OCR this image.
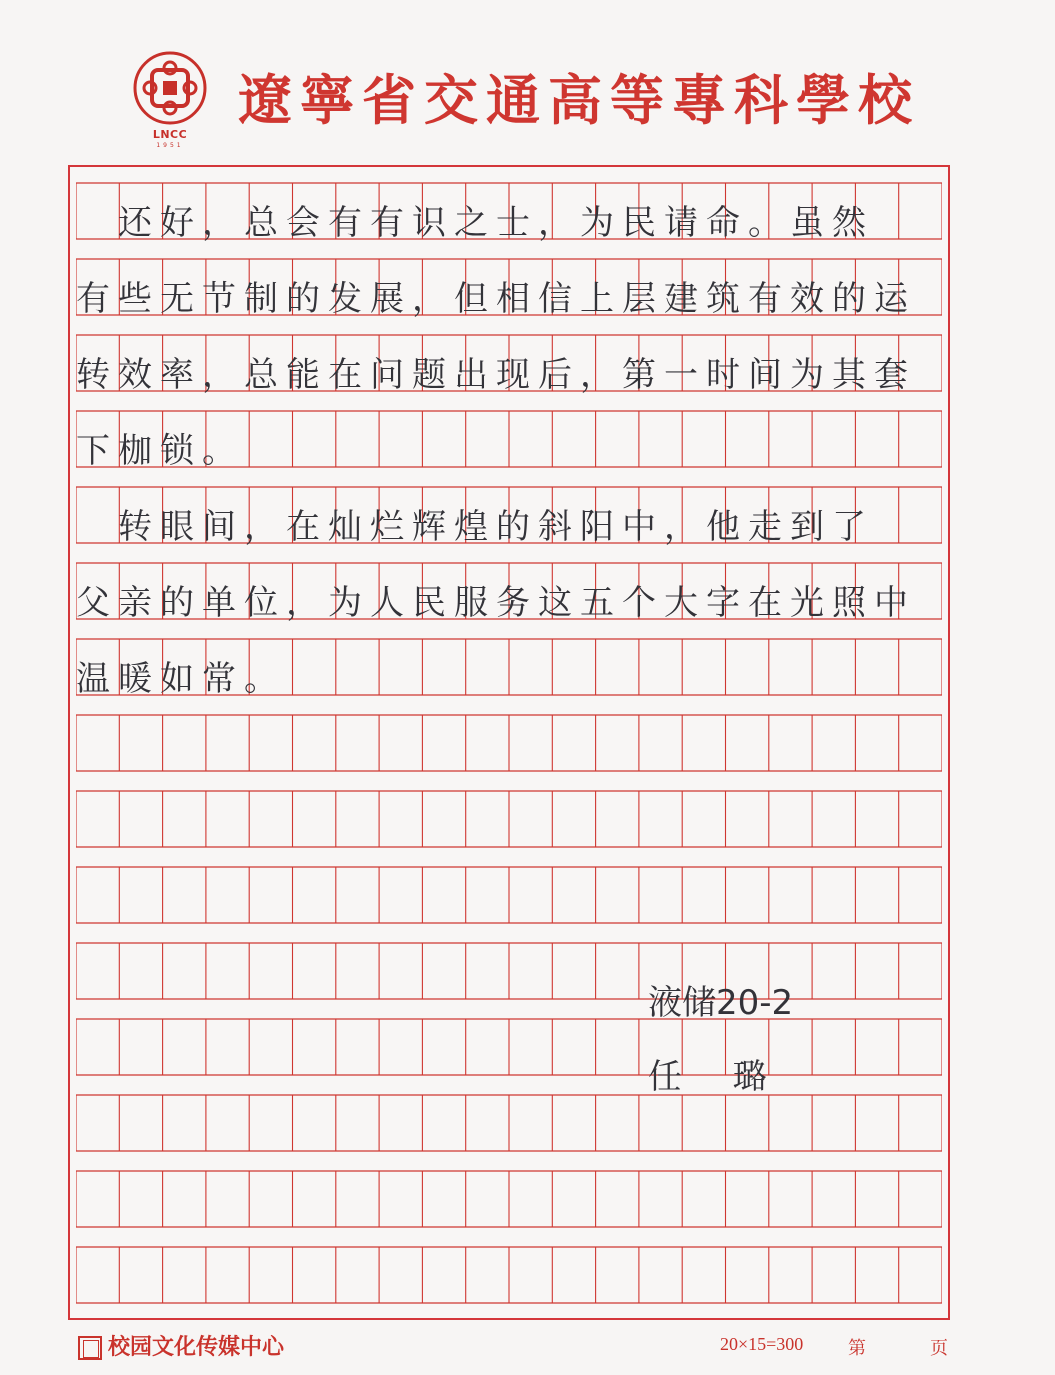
LNCC
1951
遼寧省交通高等專科學校
　还好，总会有有识之士，为民请命。虽然
有些无节制的发展，但相信上层建筑有效的运
转效率，总能在问题出现后，第一时间为其套
下枷锁。
　转眼间，在灿烂辉煌的斜阳中，他走到了
父亲的单位，为人民服务这五个大字在光照中
温暖如常。
液储20-2
任 璐
校园文化传媒中心	20×15=300 第	页
